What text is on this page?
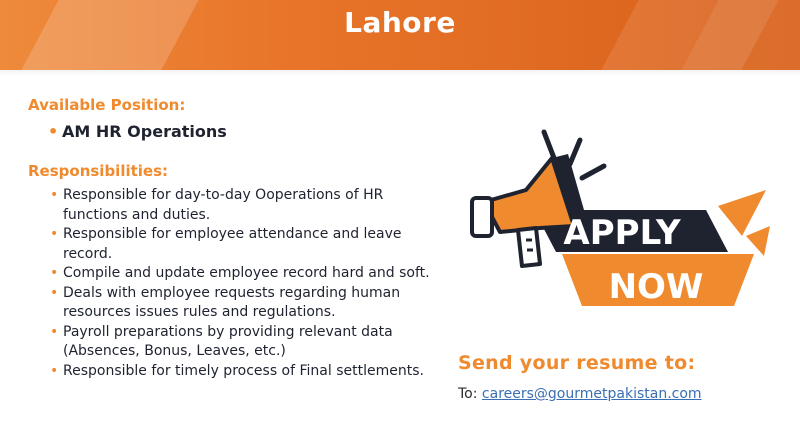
Lahore

Available Position:

• AM HR Operations

Responsibilities:

• Responsible for day-to-day Ooperations of HR functions and duties.
• Responsible for employee attendance and leave record.
• Compile and update employee record hard and soft.
• Deals with employee requests regarding human resources issues rules and regulations.
• Payroll preparations by providing relevant data (Absences, Bonus, Leaves, etc.)
• Responsible for timely process of Final settlements.
APPLY
NOW
Send your resume to:
To: careers@gourmetpakistan.com
